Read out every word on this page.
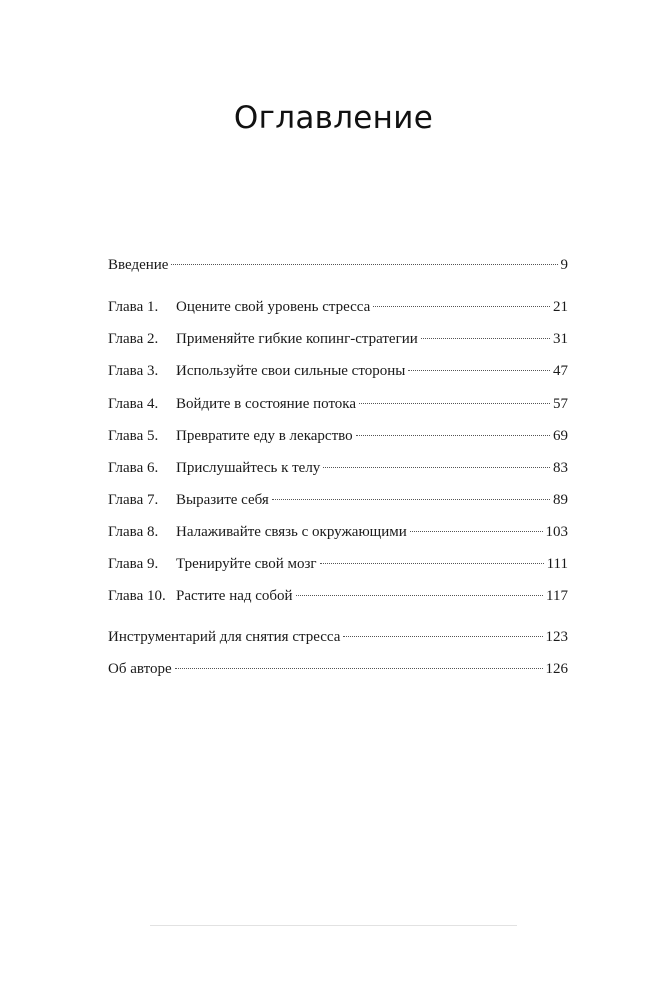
Оглавление
Введение	9
Глава 1.	Оцените свой уровень стресса	21
Глава 2.	Применяйте гибкие копинг-стратегии	31
Глава 3.	Используйте свои сильные стороны	47
Глава 4.	Войдите в состояние потока	57
Глава 5.	Превратите еду в лекарство	69
Глава 6.	Прислушайтесь к телу	83
Глава 7.	Выразите себя	89
Глава 8.	Налаживайте связь с окружающими	103
Глава 9.	Тренируйте свой мозг	111
Глава 10. Растите над собой	117
Инструментарий для снятия стресса	123
Об авторе	126
